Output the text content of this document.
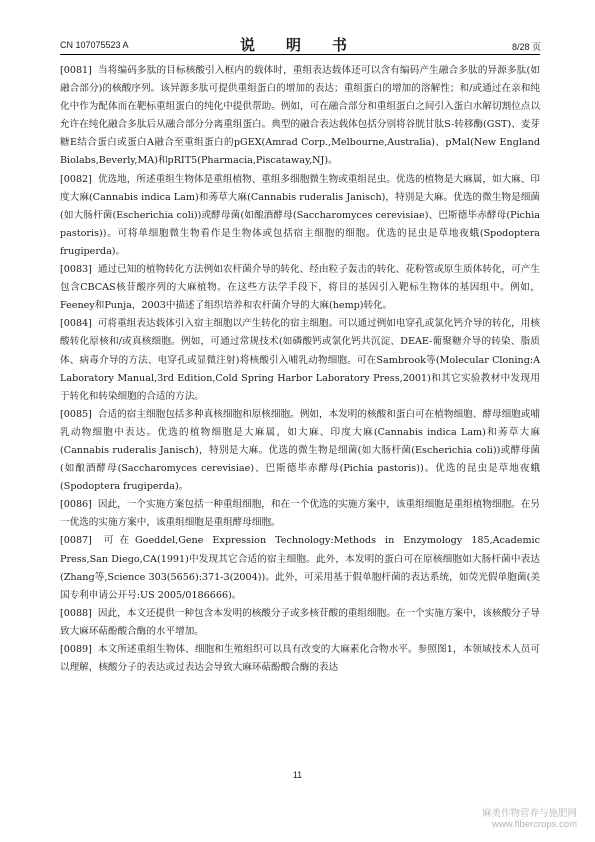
CN 107075523 A	说　明　书	8/28 页

[0081] 当将编码多肽的目标核酸引入框内的载体时，重组表达载体还可以含有编码产生融合多肽的异源多肽(如融合部分)的核酸序列。该异源多肽可提供重组蛋白的增加的表达；重组蛋白的增加的溶解性；和/或通过在亲和纯化中作为配体而在靶标重组蛋白的纯化中提供帮助。例如，可在融合部分和重组蛋白之间引入蛋白水解切割位点以允许在纯化融合多肽后从融合部分分离重组蛋白。典型的融合表达载体包括分别将谷胱甘肽S-转移酶(GST)、麦芽糖E结合蛋白或蛋白A融合至重组蛋白的pGEX(Amrad Corp.,Melbourne,Australia)、pMal(New England Biolabs,Beverly,MA)和pRIT5(Pharmacia,Piscataway,NJ)。

[0082] 优选地，所述重组生物体是重组植物、重组多细胞微生物或重组昆虫。优选的植物是大麻属，如大麻、印度大麻(Cannabis indica Lam)和莠草大麻(Cannabis ruderalis Janisch)，特别是大麻。优选的微生物是细菌(如大肠杆菌(Escherichia coli))或酵母菌(如酿酒酵母(Saccharomyces cerevisiae)、巴斯德毕赤酵母(Pichia pastoris))。可将单细胞微生物看作是生物体或包括宿主细胞的细胞。优选的昆虫是草地夜蛾(Spodoptera frugiperda)。

[0083] 通过已知的植物转化方法例如农杆菌介导的转化、经由粒子轰击的转化、花粉管或原生质体转化，可产生包含CBCAS核苷酸序列的大麻植物。在这些方法学手段下，将目的基因引入靶标生物体的基因组中。例如，Feeney和Punja，2003中描述了组织培养和农杆菌介导的大麻(hemp)转化。

[0084] 可将重组表达载体引入宿主细胞以产生转化的宿主细胞。可以通过例如电穿孔或氯化钙介导的转化，用核酸转化原核和/或真核细胞。例如，可通过常规技术(如磷酸钙或氯化钙共沉淀、DEAE-葡聚糖介导的转染、脂质体、病毒介导的方法、电穿孔或显微注射)将核酸引入哺乳动物细胞。可在Sambrook等(Molecular Cloning:A Laboratory Manual,3rd Edition,Cold Spring Harbor Laboratory Press,2001)和其它实验教材中发现用于转化和转染细胞的合适的方法。

[0085] 合适的宿主细胞包括多种真核细胞和原核细胞。例如，本发明的核酸和蛋白可在植物细胞、酵母细胞或哺乳动物细胞中表达。优选的植物细胞是大麻属，如大麻、印度大麻(Cannabis indica Lam)和莠草大麻(Cannabis ruderalis Janisch)，特别是大麻。优选的微生物是细菌(如大肠杆菌(Escherichia coli))或酵母菌(如酿酒酵母(Saccharomyces cerevisiae)、巴斯德毕赤酵母(Pichia pastoris))。优选的昆虫是草地夜蛾(Spodoptera frugiperda)。

[0086] 因此，一个实施方案包括一种重组细胞，和在一个优选的实施方案中，该重组细胞是重组植物细胞。在另一优选的实施方案中，该重组细胞是重组酵母细胞。

[0087] 可在Goeddel,Gene Expression Technology:Methods in Enzymology 185,Academic Press,San Diego,CA(1991)中发现其它合适的宿主细胞。此外，本发明的蛋白可在原核细胞如大肠杆菌中表达(Zhang等,Science 303(5656):371-3(2004))。此外，可采用基于假单胞杆菌的表达系统，如荧光假单胞菌(美国专利申请公开号:US 2005/0186666)。

[0088] 因此，本文还提供一种包含本发明的核酸分子或多核苷酸的重组细胞。在一个实施方案中，该核酸分子导致大麻环萜酚酸合酶的水平增加。

[0089] 本文所述重组生物体、细胞和生殖组织可以具有改变的大麻素化合物水平。参照图1，本领域技术人员可以理解，核酸分子的表达或过表达会导致大麻环萜酚酸合酶的表达

11
麻类作物营养与施肥网
www.fibercrops.com
